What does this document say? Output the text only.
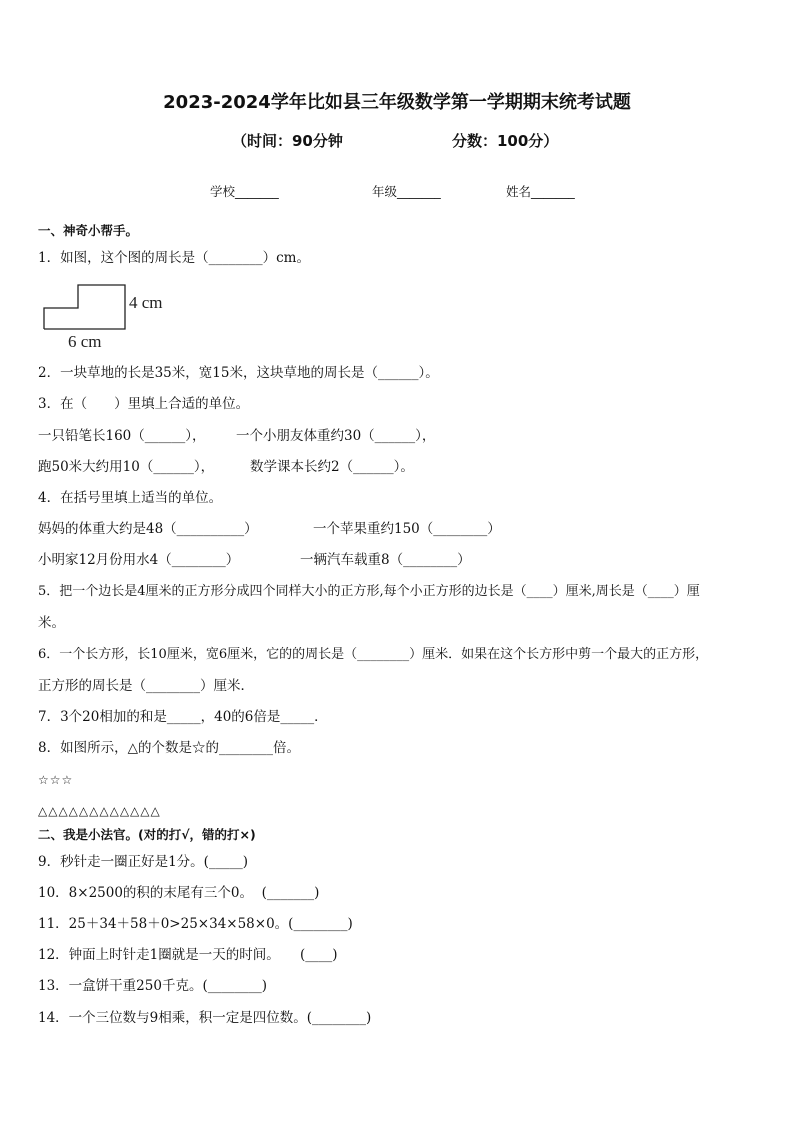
2023-2024学年比如县三年级数学第一学期期末统考试题
（时间：90分钟	分数：100分）
学校_______	年级_______	姓名_______
一、神奇小帮手。
1．如图，这个图的周长是（________）cm。
4 cm
6 cm
2．一块草地的长是35米，宽15米，这块草地的周长是（______）。
3．在（　　）里填上合适的单位。
一只铅笔长160（______）， 一个小朋友体重约30（______），
跑50米大约用10（______），	数学课本长约2（______）。
4．在括号里填上适当的单位。
妈妈的体重大约是48（__________）	一个苹果重约150（________）
小明家12月份用水4（________）	一辆汽车载重8（________）
5．把一个边长是4厘米的正方形分成四个同样大小的正方形,每个小正方形的边长是（____）厘米,周长是（____）厘
米。
6．一个长方形，长10厘米，宽6厘米，它的的周长是（________）厘米．如果在这个长方形中剪一个最大的正方形，
正方形的周长是（________）厘米．
7．3个20相加的和是_____，40的6倍是_____．
8．如图所示，△的个数是☆的________倍。
☆☆☆
△△△△△△△△△△△△
二、我是小法官。(对的打√，错的打×)
9．秒针走一圈正好是1分。(_____)
10．8×2500的积的末尾有三个0。  (_______)
11．25＋34＋58＋0>25×34×58×0。(________)
12．钟面上时针走1圈就是一天的时间。　　(____)
13．一盒饼干重250千克。(________)
14．一个三位数与9相乘，积一定是四位数。(________)
